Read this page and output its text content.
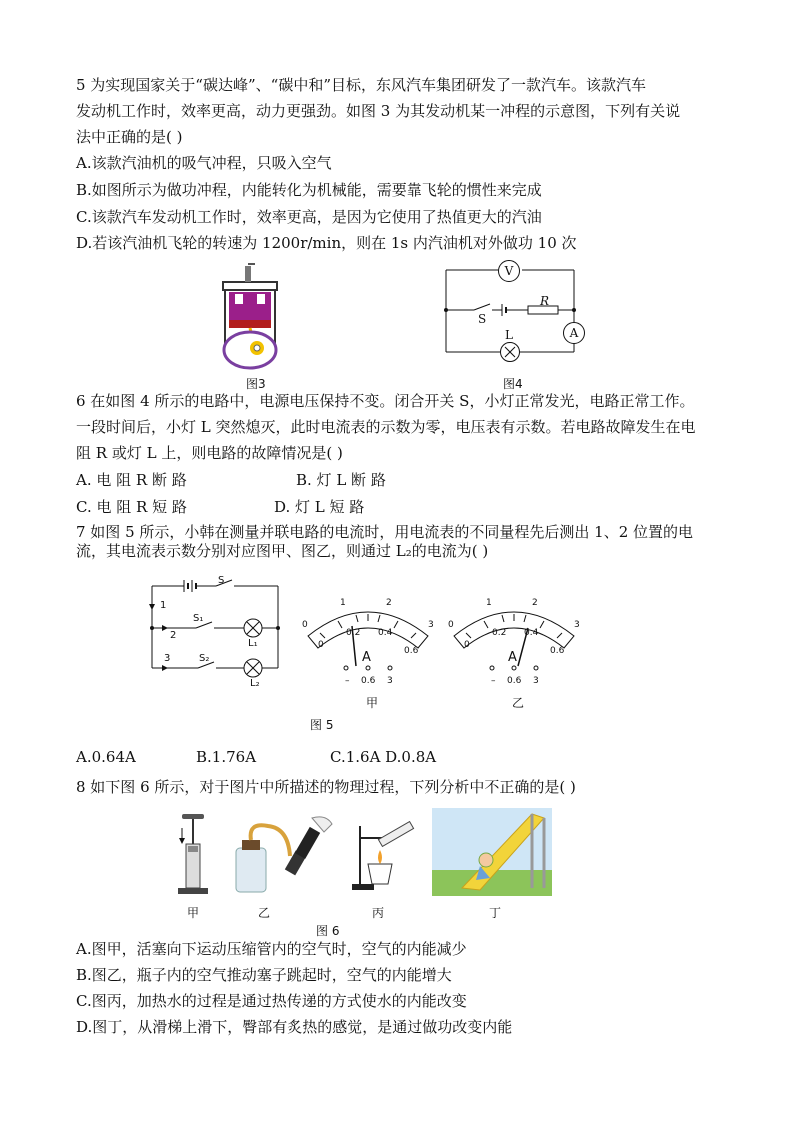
5 为实现国家关于“碳达峰”、“碳中和”目标，东风汽车集团研发了一款汽车。该款汽车
发动机工作时，效率更高，动力更强劲。如图 3 为其发动机某一冲程的示意图，下列有关说
法中正确的是( )
A.该款汽油机的吸气冲程，只吸入空气
B.如图所示为做功冲程，内能转化为机械能，需要靠飞轮的惯性来完成
C.该款汽车发动机工作时，效率更高，是因为它使用了热值更大的汽油
D.若该汽油机飞轮的转速为 1200r/min，则在 1s 内汽油机对外做功 10 次
图3
V
A
S
R
L
图4
6 在如图 4 所示的电路中，电源电压保持不变。闭合开关 S，小灯正常发光，电路正常工作。
一段时间后，小灯 L 突然熄灭，此时电流表的示数为零，电压表有示数。若电路故障发生在电
阻 R 或灯 L 上，则电路的故障情况是( )
A. 电 阻 R 断 路	B. 灯 L 断 路
C. 电 阻 R 短 路	D. 灯 L 短 路
7 如图 5 所示，小韩在测量并联电路的电流时，用电流表的不同量程先后测出 1、2 位置的电
流，其电流表示数分别对应图甲、图乙，则通过 L₂的电流为( )
S
S₁
S₂
L₁
L₂
1
2
3
0
1	2
3
0
0.2 0.4
0.6
A
– 0.6 3
甲
0
1	2
3
0
0.2 0.4
0.6
A
– 0.6 3
乙
图 5
A.0.64A	B.1.76A	C.1.6A D.0.8A
8 如下图 6 所示，对于图片中所描述的物理过程，下列分析中不正确的是( )
甲	乙	丙	丁
图 6
A.图甲，活塞向下运动压缩管内的空气时，空气的内能减少
B.图乙，瓶子内的空气推动塞子跳起时，空气的内能增大
C.图丙，加热水的过程是通过热传递的方式使水的内能改变
D.图丁，从滑梯上滑下，臀部有炙热的感觉，是通过做功改变内能
